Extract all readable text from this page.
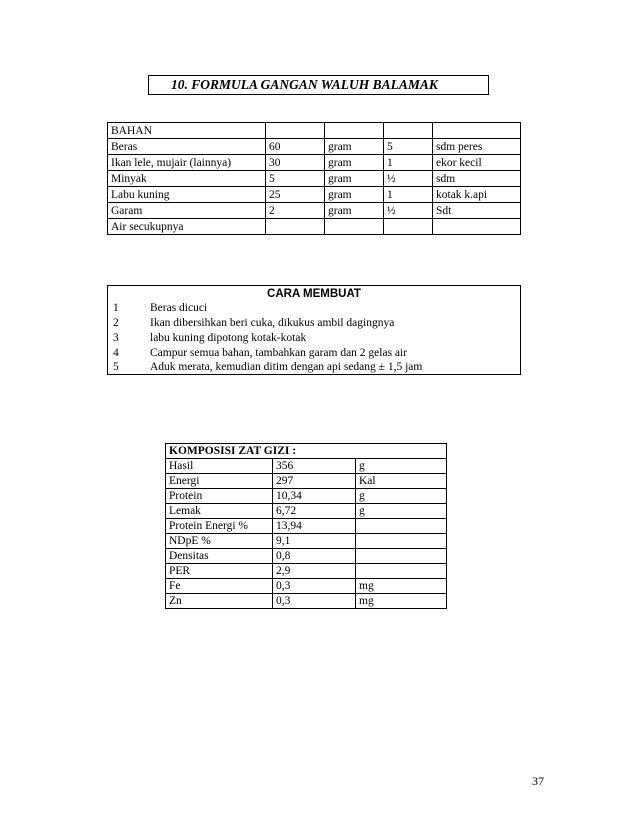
10. FORMULA GANGAN WALUH BALAMAK
BAHAN				
Beras	60	gram	5	sdm peres
Ikan lele, mujair (lainnya)	30	gram	1	ekor kecil
Minyak	5	gram	½	sdm
Labu kuning	25	gram	1	kotak k.api
Garam	2	gram	½	Sdt
Air secukupnya				
CARA MEMBUAT
1	Beras dicuci
2	Ikan dibersihkan beri cuka, dikukus ambil dagingnya
3	labu kuning dipotong kotak-kotak
4	Campur semua bahan, tambahkan garam dan 2 gelas air
5	Aduk merata, kemudian ditim dengan api sedang ± 1,5 jam
KOMPOSISI ZAT GIZI :		
Hasil	356	g
Energi	297	Kal
Protein	10,34	g
Lemak	6,72	g
Protein Energi %	13,94	
NDpE %	9,1	
Densitas	0,8	
PER	2,9	
Fe	0,3	mg
Zn	0,3	mg
37
